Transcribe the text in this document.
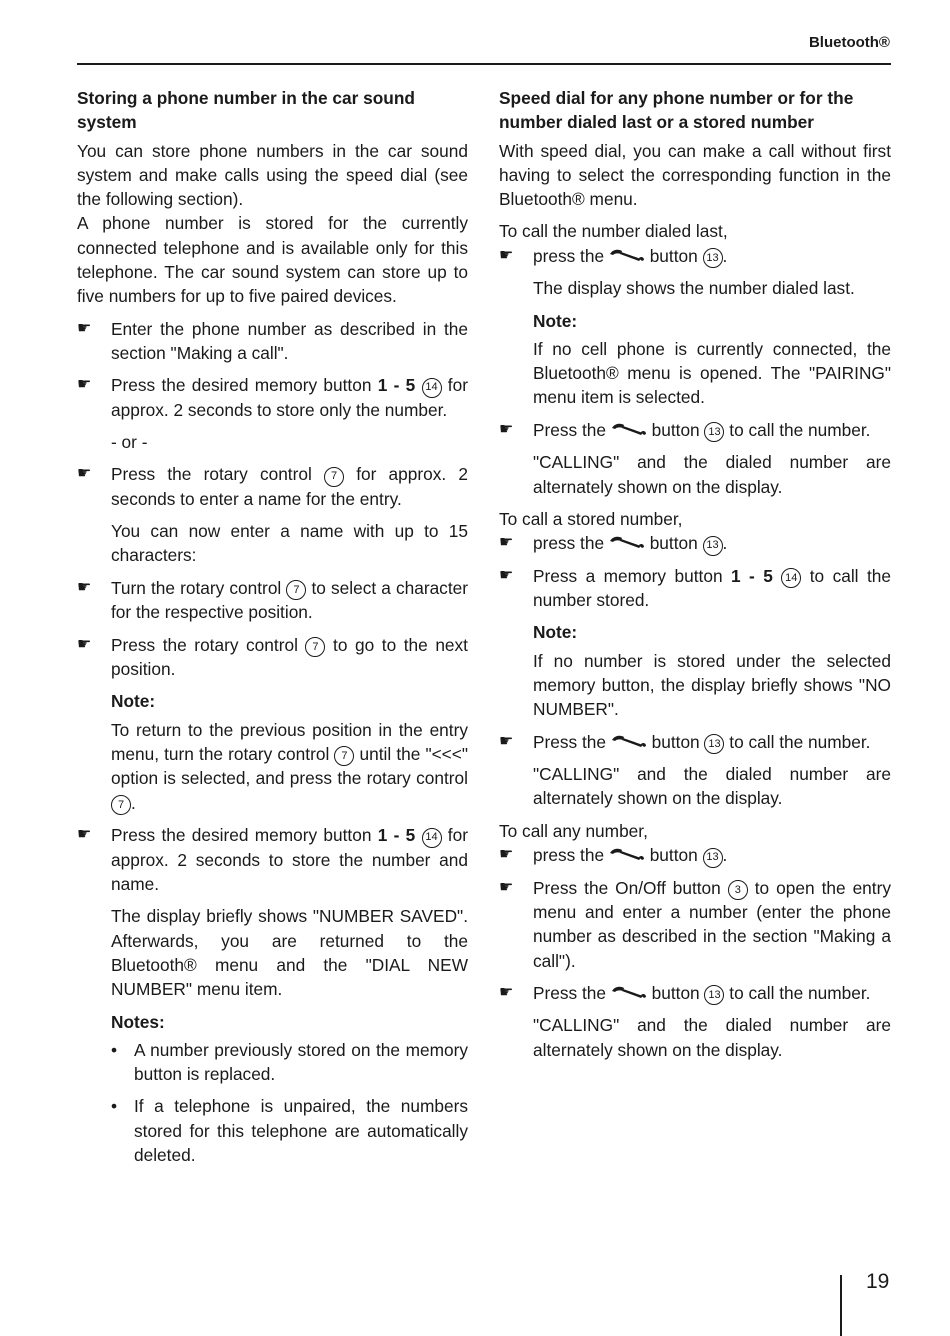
Bluetooth®

Storing a phone number in the car sound system

You can store phone numbers in the car sound system and make calls using the speed dial (see the following section).

A phone number is stored for the currently connected telephone and is available only for this telephone. The car sound system can store up to five numbers for up to five paired devices.

☛ Enter the phone number as described in the section "Making a call".
☛ Press the desired memory button 1 - 5 14 for approx. 2 seconds to store only the number.
- or -
☛ Press the rotary control 7 for approx. 2 seconds to enter a name for the entry.
You can now enter a name with up to 15 characters:
☛ Turn the rotary control 7 to select a character for the respective position.
☛ Press the rotary control 7 to go to the next position.
Note:
To return to the previous position in the entry menu, turn the rotary control 7 until the "<<<" option is selected, and press the rotary control 7 .
☛ Press the desired memory button 1 - 5 14 for approx. 2 seconds to store the number and name.
The display briefly shows "NUMBER SAVED". Afterwards, you are returned to the Bluetooth® menu and the "DIAL NEW NUMBER" menu item.
Notes:
• A number previously stored on the memory button is replaced.
• If a telephone is unpaired, the numbers stored for this telephone are automatically deleted.

Speed dial for any phone number or for the number dialed last or a stored number

With speed dial, you can make a call without first having to select the corresponding function in the Bluetooth® menu.

To call the number dialed last,
☛ press the  button 13 .
The display shows the number dialed last.
Note:
If no cell phone is currently connected, the Bluetooth® menu is opened. The "PAIRING" menu item is selected.
☛ Press the  button 13 to call the number.
"CALLING" and the dialed number are alternately shown on the display.
To call a stored number,
☛ press the  button 13 .
☛ Press a memory button 1 - 5 14 to call the number stored.
Note:
If no number is stored under the selected memory button, the display briefly shows "NO NUMBER".
☛ Press the  button 13 to call the number.
"CALLING" and the dialed number are alternately shown on the display.
To call any number,
☛ press the  button 13 .
☛ Press the On/Off button 3 to open the entry menu and enter a number (enter the phone number as described in the section "Making a call").
☛ Press the  button 13 to call the number.
"CALLING" and the dialed number are alternately shown on the display.
19
